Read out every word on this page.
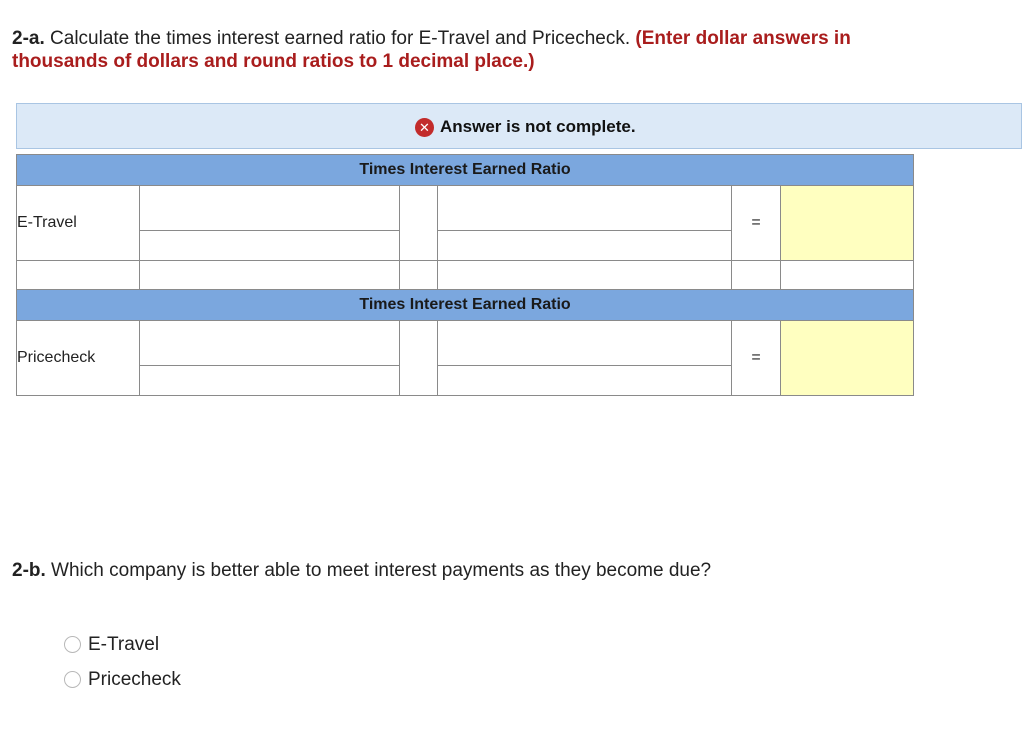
2-a. Calculate the times interest earned ratio for E-Travel and Pricecheck. (Enter dollar answers in
thousands of dollars and round ratios to 1 decimal place.)
✕ Answer is not complete.
Times Interest Earned Ratio					
E-Travel				=	

Times Interest Earned Ratio					
Pricecheck				=	

2-b. Which company is better able to meet interest payments as they become due?
E-Travel
Pricecheck
